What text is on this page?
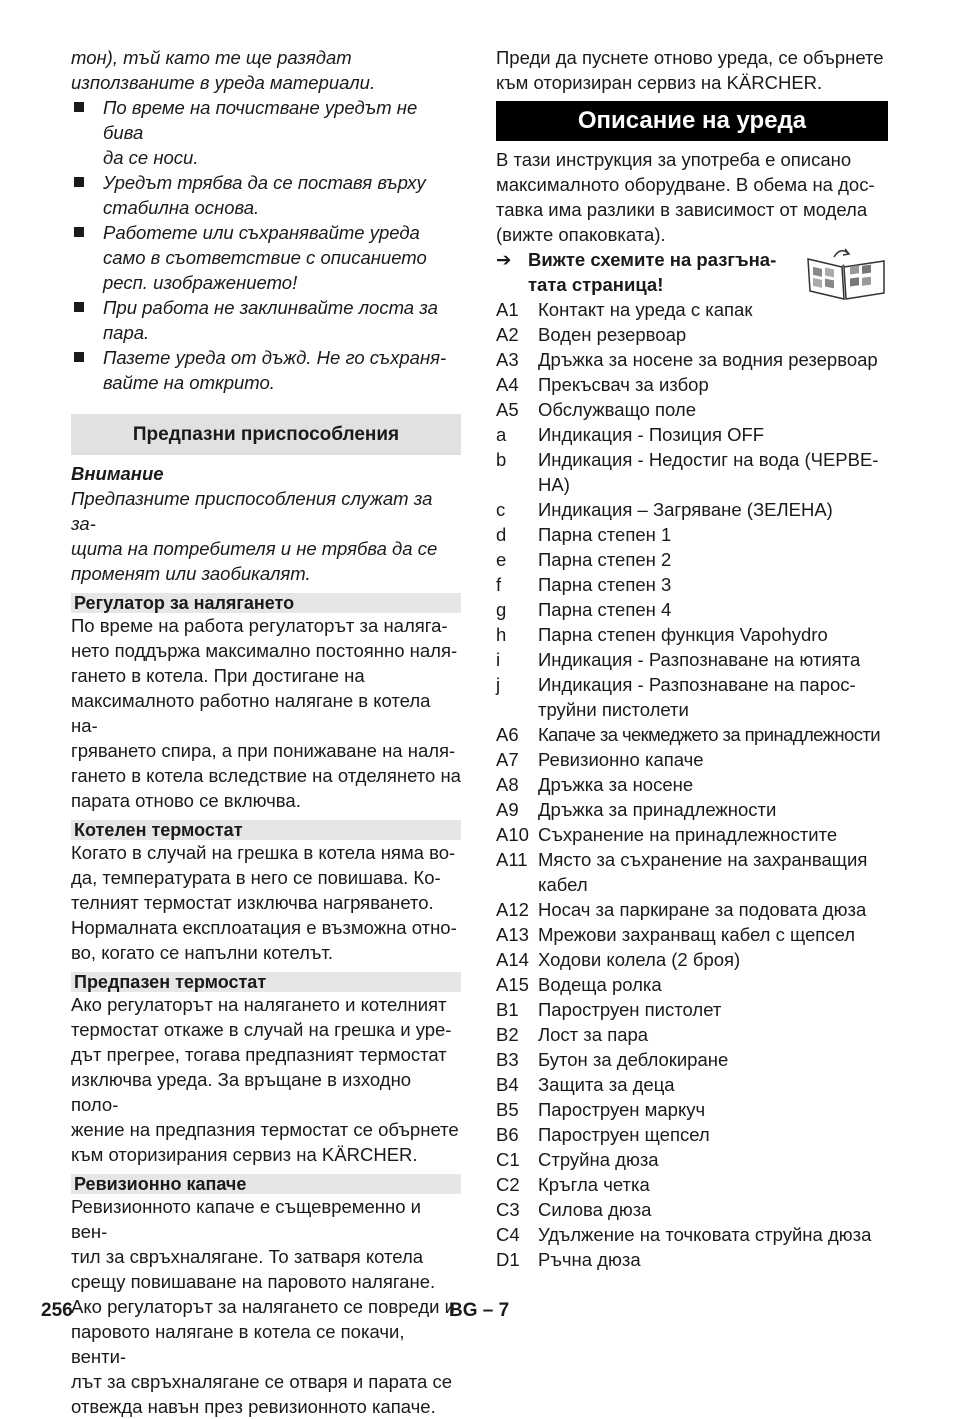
тон), тъй като те ще разядат
използваните в уреда материали.
По време на почистване уредът не бива
да се носи.
Уредът трябва да се поставя върху
стабилна основа.
Работете или съхранявайте уреда
само в съответствие с описанието
респ. изображението!
При работа не заклинвайте лоста за
пара.
Пазете уреда от дъжд. Не го съхраня-
вайте на открито.
Предпазни приспособления
Внимание
Предпазните приспособления служат за за-
щита на потребителя и не трябва да се
променят или заобикалят.
Регулатор за налягането
По време на работа регулаторът за наляга-
нето поддържа максимално постоянно наля-
гането в котела. При достигане на
максималното работно налягане в котела на-
гряването спира, а при понижаване на наля-
гането в котела вследствие на отделянето на
парата отново се включва.
Котелен термостат
Когато в случай на грешка в котела няма во-
да, температурата в него се повишава. Ко-
телният термостат изключва нагряването.
Нормалната експлоатация е възможна отно-
во, когато се напълни котелът.
Предпазен термостат
Ако регулаторът на налягането и котелният
термостат откаже в случай на грешка и уре-
дът прегрее, тогава предпазният термостат
изключва уреда. За връщане в изходно поло-
жение на предпазния термостат се обърнете
към оторизирания сервиз на KÄRCHER.
Ревизионно капаче
Ревизионното капаче е същевременно и вен-
тил за свръхналягане. То затваря котела
срещу повишаване на паровото налягане.
Ако регулаторът за налягането се повреди и
паровото налягане в котела се покачи, венти-
лът за свръхналягане се отваря и парата се
отвежда навън през ревизионното капаче.
Преди да пуснете отново уреда, се обърнете
към оторизиран сервиз на KÄRCHER.
Описание на уреда
В тази инструкция за употреба е описано
максималното оборудване. В обема на дос-
тавка има разлики в зависимост от модела
(вижте опаковката).
➔ Вижте схемите на разгъна-
тата страница!
A1	Контакт на уреда с капак
A2	Воден резервоар
A3	Дръжка за носене за водния резервоар
A4	Прекъсвач за избор
A5	Обслужващо поле
a	Индикация - Позиция OFF
b	Индикация - Недостиг на вода (ЧЕРВЕ-
НА)
c	Индикация – Загряване (ЗЕЛЕНА)
d	Парна степен 1
e	Парна степен 2
f	Парна степен 3
g	Парна степен 4
h	Парна степен функция Vapohydro
i	Индикация - Разпознаване на ютията
j	Индикация - Разпознаване на парос-
труйни пистолети
A6	Капаче за чекмеджето за принадлежности
A7	Ревизионно капаче
A8	Дръжка за носене
A9	Дръжка за принадлежности
A10 Съхранение на принадлежностите
A11 Място за съхранение на захранващия
кабел
A12 Носач за паркиране за подовата дюза
A13 Мрежови захранващ кабел с щепсел
A14 Ходови колела (2 броя)
A15 Водеща ролка
B1	Пароструен пистолет
B2	Лост за пара
B3	Бутон за деблокиране
B4	Защита за деца
B5	Пароструен маркуч
B6	Пароструен щепсел
C1 Струйна дюза
C2 Кръгла четка
C3 Силова дюза
C4 Удължение на точковата струйна дюза
D1 Ръчна дюза
256	BG – 7
